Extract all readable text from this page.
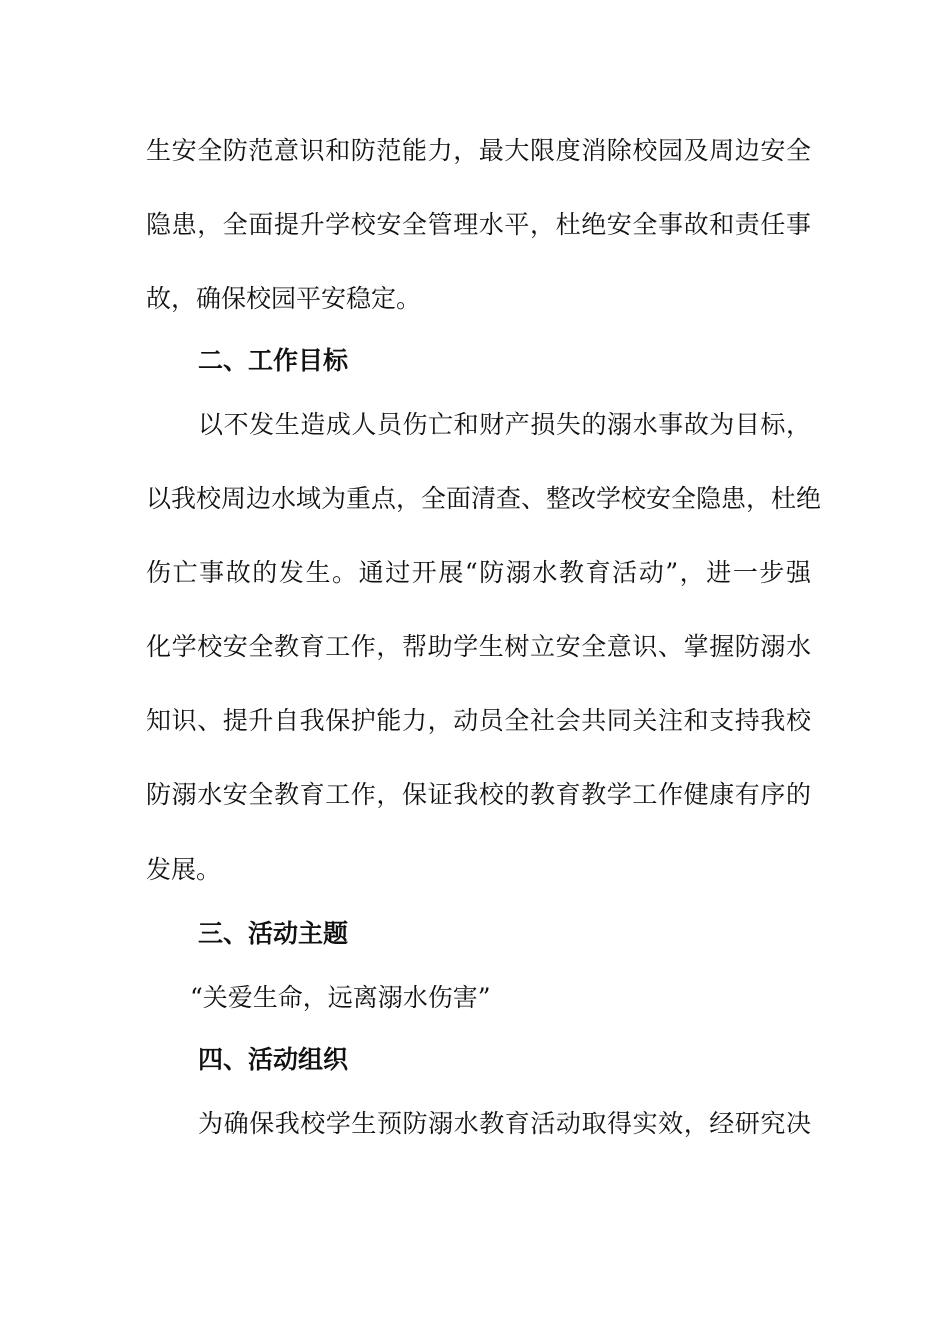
生安全防范意识和防范能力，最大限度消除校园及周边安全
隐患，全面提升学校安全管理水平，杜绝安全事故和责任事
故，确保校园平安稳定。
二、工作目标
以不发生造成人员伤亡和财产损失的溺水事故为目标，
以我校周边水域为重点，全面清查、整改学校安全隐患，杜绝
伤亡事故的发生。通过开展“防溺水教育活动”，进一步强
化学校安全教育工作，帮助学生树立安全意识、掌握防溺水
知识、提升自我保护能力，动员全社会共同关注和支持我校
防溺水安全教育工作，保证我校的教育教学工作健康有序的
发展。
三、活动主题
“关爱生命，远离溺水伤害”
四、活动组织
为确保我校学生预防溺水教育活动取得实效，经研究决
